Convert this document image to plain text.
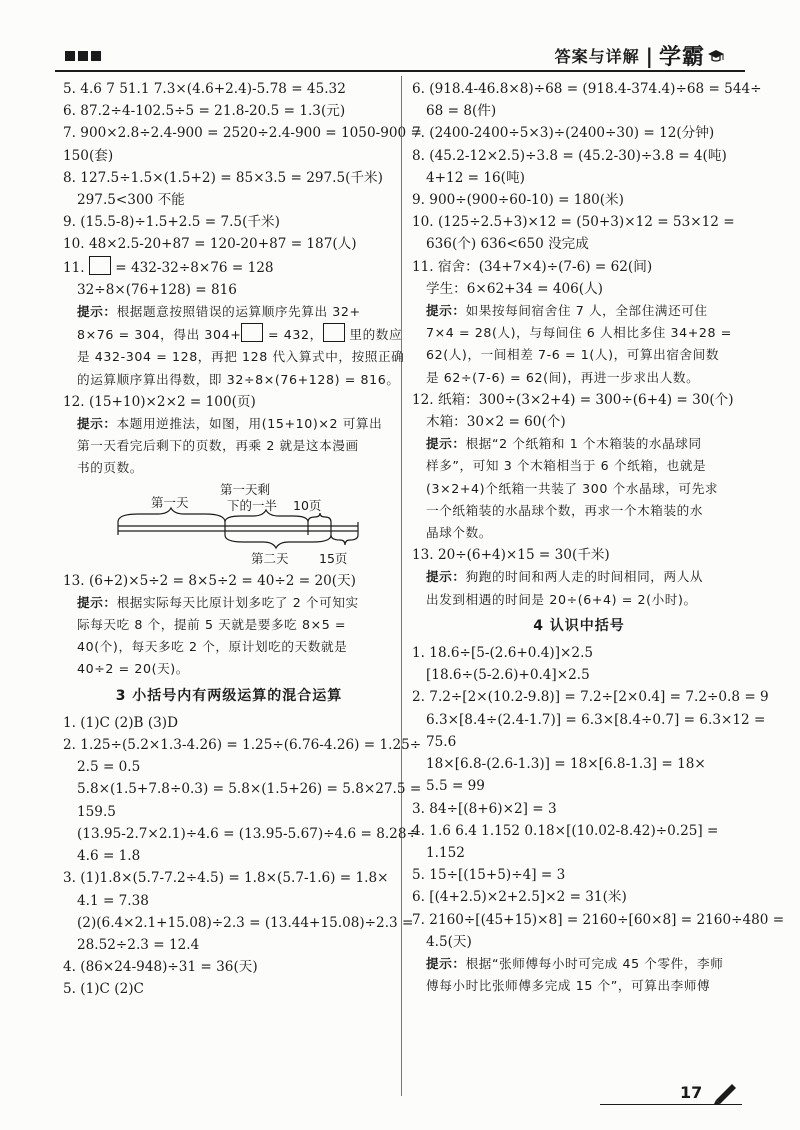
答案与详解 | 学霸
5. 4.6 7 51.1 7.3×(4.6+2.4)-5.78 = 45.32
6. 87.2÷4-102.5÷5 = 21.8-20.5 = 1.3(元)
7. 900×2.8÷2.4-900 = 2520÷2.4-900 = 1050-900 =
150(套)
8. 127.5÷1.5×(1.5+2) = 85×3.5 = 297.5(千米)
297.5<300 不能
9. (15.5-8)÷1.5+2.5 = 7.5(千米)
10. 48×2.5-20+87 = 120-20+87 = 187(人)
11.  = 432-32÷8×76 = 128
32÷8×(76+128) = 816
提示：根据题意按照错误的运算顺序先算出 32+
8×76 = 304，得出 304+ = 432， 里的数应
是 432-304 = 128，再把 128 代入算式中，按照正确
的运算顺序算出得数，即 32÷8×(76+128) = 816。
12. (15+10)×2×2 = 100(页)
提示：本题用逆推法，如图，用(15+10)×2 可算出
第一天看完后剩下的页数，再乘 2 就是这本漫画
书的页数。
第一天剩
第一天	下的一半 10页
第二天 15页
13. (6+2)×5÷2 = 8×5÷2 = 40÷2 = 20(天)
提示：根据实际每天比原计划多吃了 2 个可知实
际每天吃 8 个，提前 5 天就是要多吃 8×5 =
40(个)，每天多吃 2 个，原计划吃的天数就是
40÷2 = 20(天)。
3 小括号内有两级运算的混合运算
1. (1)C (2)B (3)D
2. 1.25÷(5.2×1.3-4.26) = 1.25÷(6.76-4.26) = 1.25÷
2.5 = 0.5
5.8×(1.5+7.8÷0.3) = 5.8×(1.5+26) = 5.8×27.5 =
159.5
(13.95-2.7×2.1)÷4.6 = (13.95-5.67)÷4.6 = 8.28÷
4.6 = 1.8
3. (1)1.8×(5.7-7.2÷4.5) = 1.8×(5.7-1.6) = 1.8×
4.1 = 7.38
(2)(6.4×2.1+15.08)÷2.3 = (13.44+15.08)÷2.3 =
28.52÷2.3 = 12.4
4. (86×24-948)÷31 = 36(天)
5. (1)C (2)C
6. (918.4-46.8×8)÷68 = (918.4-374.4)÷68 = 544÷
68 = 8(件)
7. (2400-2400÷5×3)÷(2400÷30) = 12(分钟)
8. (45.2-12×2.5)÷3.8 = (45.2-30)÷3.8 = 4(吨)
4+12 = 16(吨)
9. 900÷(900÷60-10) = 180(米)
10. (125÷2.5+3)×12 = (50+3)×12 = 53×12 =
636(个) 636<650 没完成
11. 宿舍：(34+7×4)÷(7-6) = 62(间)
学生：6×62+34 = 406(人)
提示：如果按每间宿舍住 7 人，全部住满还可住
7×4 = 28(人)，与每间住 6 人相比多住 34+28 =
62(人)，一间相差 7-6 = 1(人)，可算出宿舍间数
是 62÷(7-6) = 62(间)，再进一步求出人数。
12. 纸箱：300÷(3×2+4) = 300÷(6+4) = 30(个)
木箱：30×2 = 60(个)
提示：根据“2 个纸箱和 1 个木箱装的水晶球同
样多”，可知 3 个木箱相当于 6 个纸箱，也就是
(3×2+4)个纸箱一共装了 300 个水晶球，可先求
一个纸箱装的水晶球个数，再求一个木箱装的水
晶球个数。
13. 20÷(6+4)×15 = 30(千米)
提示：狗跑的时间和两人走的时间相同，两人从
出发到相遇的时间是 20÷(6+4) = 2(小时)。
4 认识中括号
1. 18.6÷[5-(2.6+0.4)]×2.5
[18.6÷(5-2.6)+0.4]×2.5
2. 7.2÷[2×(10.2-9.8)] = 7.2÷[2×0.4] = 7.2÷0.8 = 9
6.3×[8.4÷(2.4-1.7)] = 6.3×[8.4÷0.7] = 6.3×12 =
75.6
18×[6.8-(2.6-1.3)] = 18×[6.8-1.3] = 18×
5.5 = 99
3. 84÷[(8+6)×2] = 3
4. 1.6 6.4 1.152 0.18×[(10.02-8.42)÷0.25] =
1.152
5. 15÷[(15+5)÷4] = 3
6. [(4+2.5)×2+2.5]×2 = 31(米)
7. 2160÷[(45+15)×8] = 2160÷[60×8] = 2160÷480 =
4.5(天)
提示：根据“张师傅每小时可完成 45 个零件，李师
傅每小时比张师傅多完成 15 个”，可算出李师傅
17
